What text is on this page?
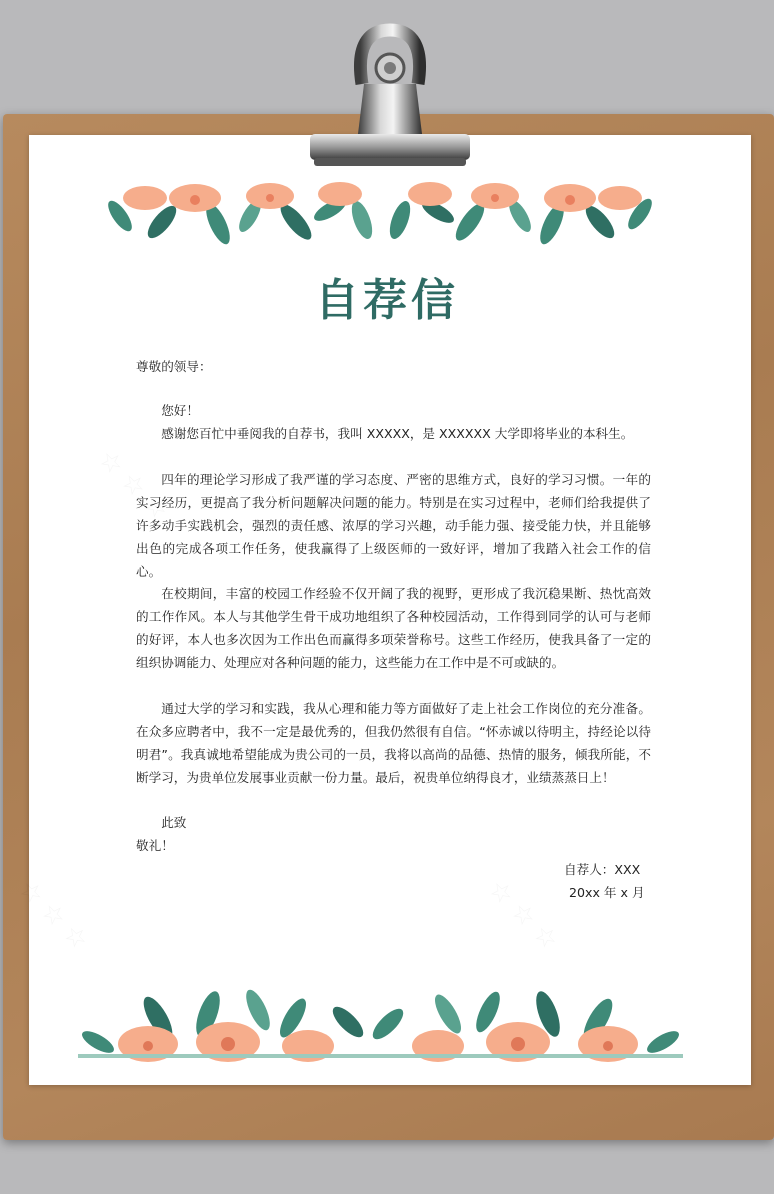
自荐信
尊敬的领导：

您好！

感谢您百忙中垂阅我的自荐书，我叫 XXXXX，是 XXXXXX 大学即将毕业的本科生。

四年的理论学习形成了我严谨的学习态度、严密的思维方式，良好的学习习惯。一年的实习经历，更提高了我分析问题解决问题的能力。特别是在实习过程中，老师们给我提供了许多动手实践机会，强烈的责任感、浓厚的学习兴趣，动手能力强、接受能力快，并且能够出色的完成各项工作任务，使我赢得了上级医师的一致好评，增加了我踏入社会工作的信心。

在校期间，丰富的校园工作经验不仅开阔了我的视野，更形成了我沉稳果断、热忱高效的工作作风。本人与其他学生骨干成功地组织了各种校园活动，工作得到同学的认可与老师的好评，本人也多次因为工作出色而赢得多项荣誉称号。这些工作经历，使我具备了一定的组织协调能力、处理应对各种问题的能力，这些能力在工作中是不可或缺的。

通过大学的学习和实践，我从心理和能力等方面做好了走上社会工作岗位的充分准备。在众多应聘者中，我不一定是最优秀的，但我仍然很有自信。“怀赤诚以待明主，持经论以待明君”。我真诚地希望能成为贵公司的一员，我将以高尚的品德、热情的服务，倾我所能，不断学习，为贵单位发展事业贡献一份力量。最后，祝贵单位纳得良才，业绩蒸蒸日上！

此致

敬礼！

自荐人：XXX
20xx 年 x 月
